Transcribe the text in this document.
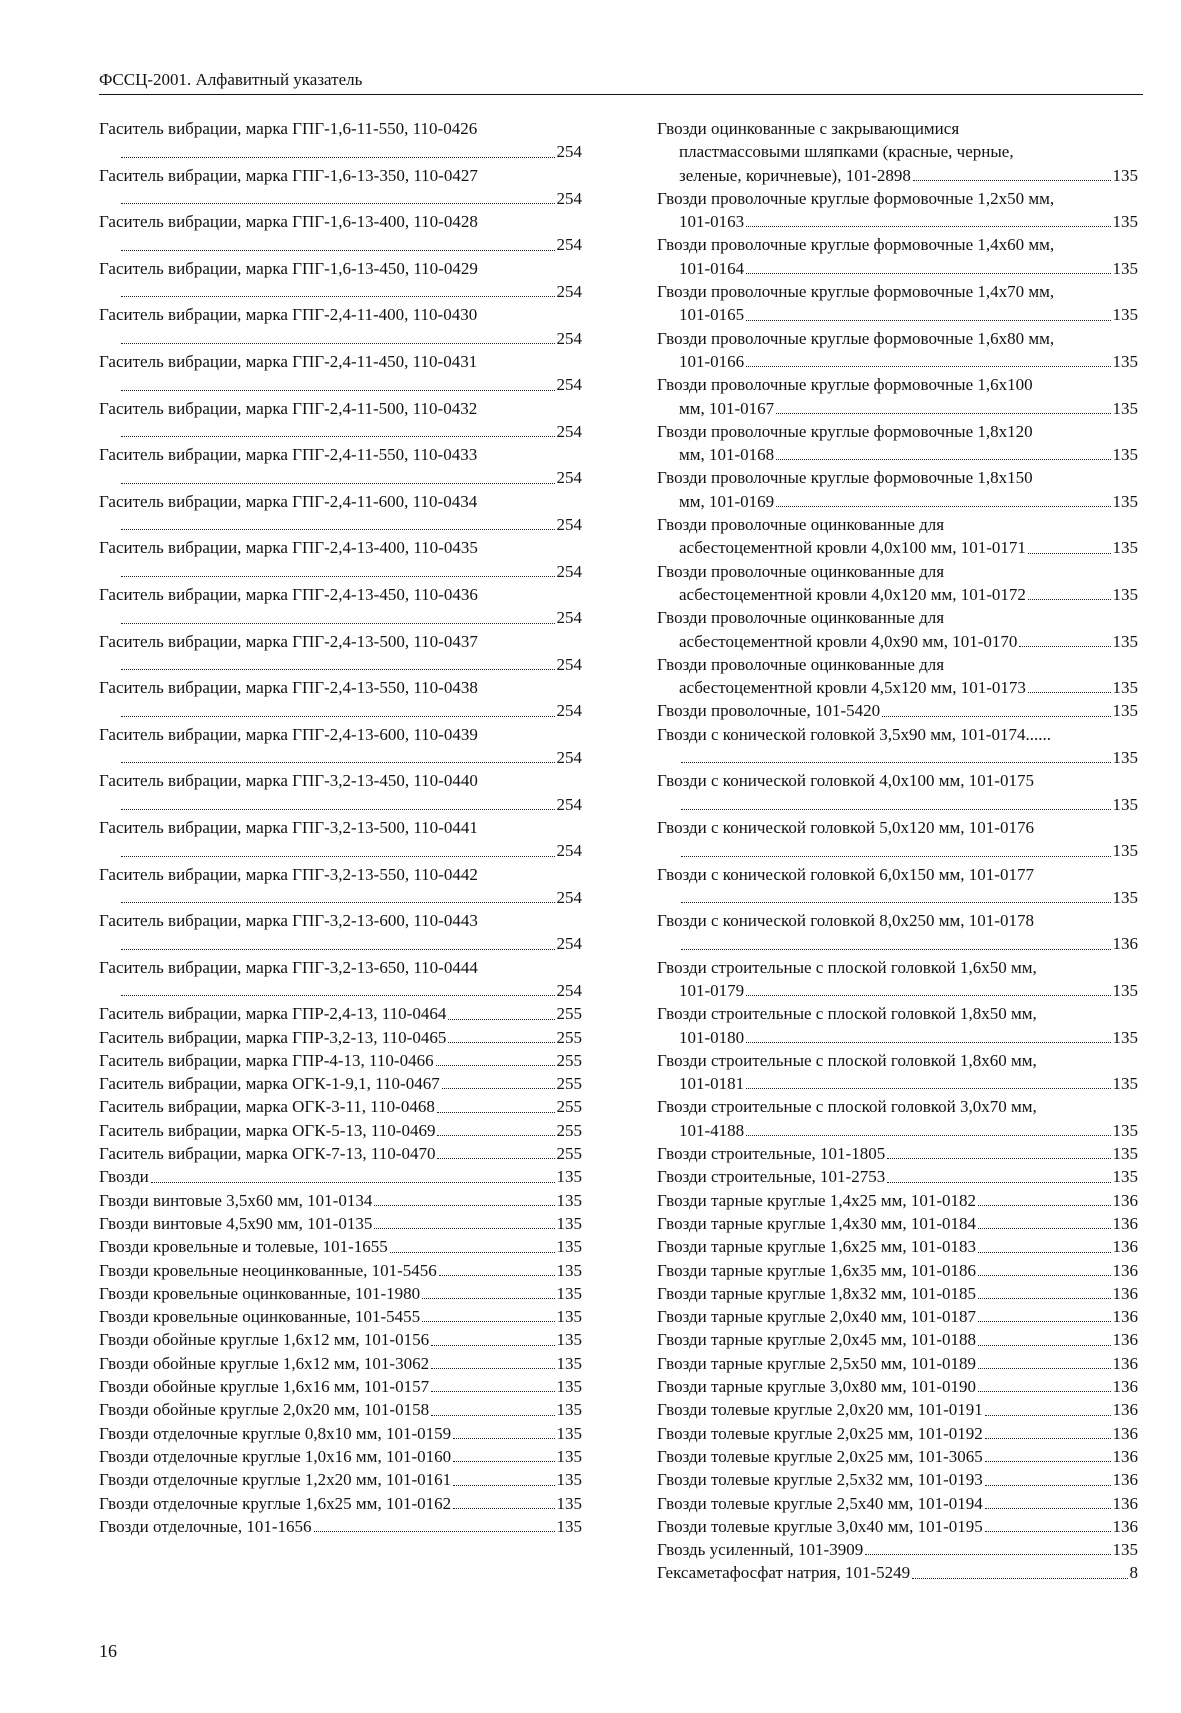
ФССЦ-2001. Алфавитный указатель
Гаситель вибрации, марка ГПГ-1,6-11-550, 110-0426
254
Гаситель вибрации, марка ГПГ-1,6-13-350, 110-0427
254
Гаситель вибрации, марка ГПГ-1,6-13-400, 110-0428
254
Гаситель вибрации, марка ГПГ-1,6-13-450, 110-0429
254
Гаситель вибрации, марка ГПГ-2,4-11-400, 110-0430
254
Гаситель вибрации, марка ГПГ-2,4-11-450, 110-0431
254
Гаситель вибрации, марка ГПГ-2,4-11-500, 110-0432
254
Гаситель вибрации, марка ГПГ-2,4-11-550, 110-0433
254
Гаситель вибрации, марка ГПГ-2,4-11-600, 110-0434
254
Гаситель вибрации, марка ГПГ-2,4-13-400, 110-0435
254
Гаситель вибрации, марка ГПГ-2,4-13-450, 110-0436
254
Гаситель вибрации, марка ГПГ-2,4-13-500, 110-0437
254
Гаситель вибрации, марка ГПГ-2,4-13-550, 110-0438
254
Гаситель вибрации, марка ГПГ-2,4-13-600, 110-0439
254
Гаситель вибрации, марка ГПГ-3,2-13-450, 110-0440
254
Гаситель вибрации, марка ГПГ-3,2-13-500, 110-0441
254
Гаситель вибрации, марка ГПГ-3,2-13-550, 110-0442
254
Гаситель вибрации, марка ГПГ-3,2-13-600, 110-0443
254
Гаситель вибрации, марка ГПГ-3,2-13-650, 110-0444
254
Гаситель вибрации, марка ГПР-2,4-13, 110-0464	255
Гаситель вибрации, марка ГПР-3,2-13, 110-0465	255
Гаситель вибрации, марка ГПР-4-13, 110-0466	255
Гаситель вибрации, марка ОГК-1-9,1, 110-0467	255
Гаситель вибрации, марка ОГК-3-11, 110-0468	255
Гаситель вибрации, марка ОГК-5-13, 110-0469	255
Гаситель вибрации, марка ОГК-7-13, 110-0470	255
Гвозди	135
Гвозди винтовые 3,5х60 мм, 101-0134	135
Гвозди винтовые 4,5х90 мм, 101-0135	135
Гвозди кровельные и толевые, 101-1655	135
Гвозди кровельные неоцинкованные, 101-5456	135
Гвозди кровельные оцинкованные, 101-1980	135
Гвозди кровельные оцинкованные, 101-5455	135
Гвозди обойные круглые 1,6х12 мм, 101-0156	135
Гвозди обойные круглые 1,6х12 мм, 101-3062	135
Гвозди обойные круглые 1,6х16 мм, 101-0157	135
Гвозди обойные круглые 2,0х20 мм, 101-0158	135
Гвозди отделочные круглые 0,8х10 мм, 101-0159	135
Гвозди отделочные круглые 1,0х16 мм, 101-0160	135
Гвозди отделочные круглые 1,2х20 мм, 101-0161	135
Гвозди отделочные круглые 1,6х25 мм, 101-0162	135
Гвозди отделочные, 101-1656	135
Гвозди оцинкованные с закрывающимися
пластмассовыми шляпками (красные, черные,
зеленые, коричневые), 101-2898	135
Гвозди проволочные круглые формовочные 1,2х50 мм,
101-0163	135
Гвозди проволочные круглые формовочные 1,4х60 мм,
101-0164	135
Гвозди проволочные круглые формовочные 1,4х70 мм,
101-0165	135
Гвозди проволочные круглые формовочные 1,6х80 мм,
101-0166	135
Гвозди проволочные круглые формовочные 1,6х100
мм, 101-0167	135
Гвозди проволочные круглые формовочные 1,8х120
мм, 101-0168	135
Гвозди проволочные круглые формовочные 1,8х150
мм, 101-0169	135
Гвозди проволочные оцинкованные для
асбестоцементной кровли 4,0х100 мм, 101-0171	135
Гвозди проволочные оцинкованные для
асбестоцементной кровли 4,0х120 мм, 101-0172	135
Гвозди проволочные оцинкованные для
асбестоцементной кровли 4,0х90 мм, 101-0170	135
Гвозди проволочные оцинкованные для
асбестоцементной кровли 4,5х120 мм, 101-0173	135
Гвозди проволочные, 101-5420	135
Гвозди с конической головкой 3,5х90 мм, 101-0174......
135
Гвозди с конической головкой 4,0х100 мм, 101-0175
135
Гвозди с конической головкой 5,0х120 мм, 101-0176
135
Гвозди с конической головкой 6,0х150 мм, 101-0177
135
Гвозди с конической головкой 8,0х250 мм, 101-0178
136
Гвозди строительные с плоской головкой 1,6х50 мм,
101-0179	135
Гвозди строительные с плоской головкой 1,8х50 мм,
101-0180	135
Гвозди строительные с плоской головкой 1,8х60 мм,
101-0181	135
Гвозди строительные с плоской головкой 3,0х70 мм,
101-4188	135
Гвозди строительные, 101-1805	135
Гвозди строительные, 101-2753	135
Гвозди тарные круглые 1,4х25 мм, 101-0182	136
Гвозди тарные круглые 1,4х30 мм, 101-0184	136
Гвозди тарные круглые 1,6х25 мм, 101-0183	136
Гвозди тарные круглые 1,6х35 мм, 101-0186	136
Гвозди тарные круглые 1,8х32 мм, 101-0185	136
Гвозди тарные круглые 2,0х40 мм, 101-0187	136
Гвозди тарные круглые 2,0х45 мм, 101-0188	136
Гвозди тарные круглые 2,5х50 мм, 101-0189	136
Гвозди тарные круглые 3,0х80 мм, 101-0190	136
Гвозди толевые круглые 2,0х20 мм, 101-0191	136
Гвозди толевые круглые 2,0х25 мм, 101-0192	136
Гвозди толевые круглые 2,0х25 мм, 101-3065	136
Гвозди толевые круглые 2,5х32 мм, 101-0193	136
Гвозди толевые круглые 2,5х40 мм, 101-0194	136
Гвозди толевые круглые 3,0х40 мм, 101-0195	136
Гвоздь усиленный, 101-3909	135
Гексаметафосфат натрия, 101-5249	8
16
